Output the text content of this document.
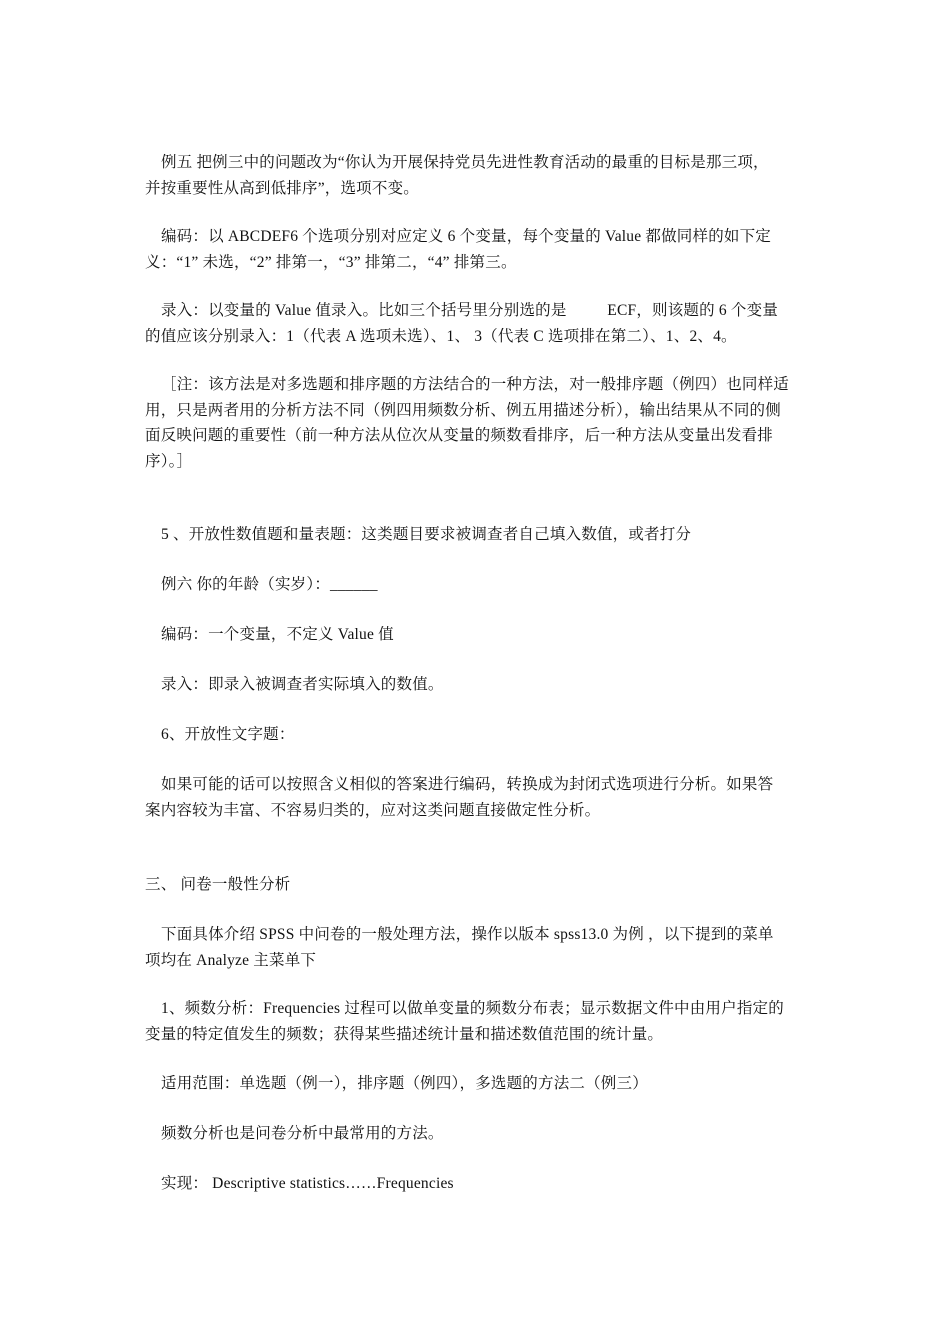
例五 把例三中的问题改为“你认为开展保持党员先进性教育活动的最重的目标是那三项，
并按重要性从高到低排序”，选项不变。
编码：以 ABCDEF6 个选项分别对应定义 6 个变量，每个变量的 Value 都做同样的如下定
义：“1” 未选，“2” 排第一，“3” 排第二，“4” 排第三。
录入：以变量的 Value 值录入。比如三个括号里分别选的是          ECF，则该题的 6 个变量
的值应该分别录入：1（代表 A 选项未选）、1、 3（代表 C 选项排在第二）、1、2、4。
［注：该方法是对多选题和排序题的方法结合的一种方法，对一般排序题（例四）也同样适
用，只是两者用的分析方法不同（例四用频数分析、例五用描述分析），输出结果从不同的侧
面反映问题的重要性（前一种方法从位次从变量的频数看排序，后一种方法从变量出发看排
序）。］
5 、开放性数值题和量表题：这类题目要求被调查者自己填入数值，或者打分
例六 你的年龄（实岁）：______
编码：一个变量，不定义 Value 值
录入：即录入被调查者实际填入的数值。
6、开放性文字题：
如果可能的话可以按照含义相似的答案进行编码，转换成为封闭式选项进行分析。如果答
案内容较为丰富、不容易归类的，应对这类问题直接做定性分析。
三、 问卷一般性分析
下面具体介绍 SPSS 中问卷的一般处理方法，操作以版本 spss13.0 为例 ，以下提到的菜单
项均在 Analyze 主菜单下
1、频数分析：Frequencies 过程可以做单变量的频数分布表；显示数据文件中由用户指定的
变量的特定值发生的频数；获得某些描述统计量和描述数值范围的统计量。
适用范围：单选题（例一），排序题（例四），多选题的方法二（例三）
频数分析也是问卷分析中最常用的方法。
实现： Descriptive statistics……Frequencies
